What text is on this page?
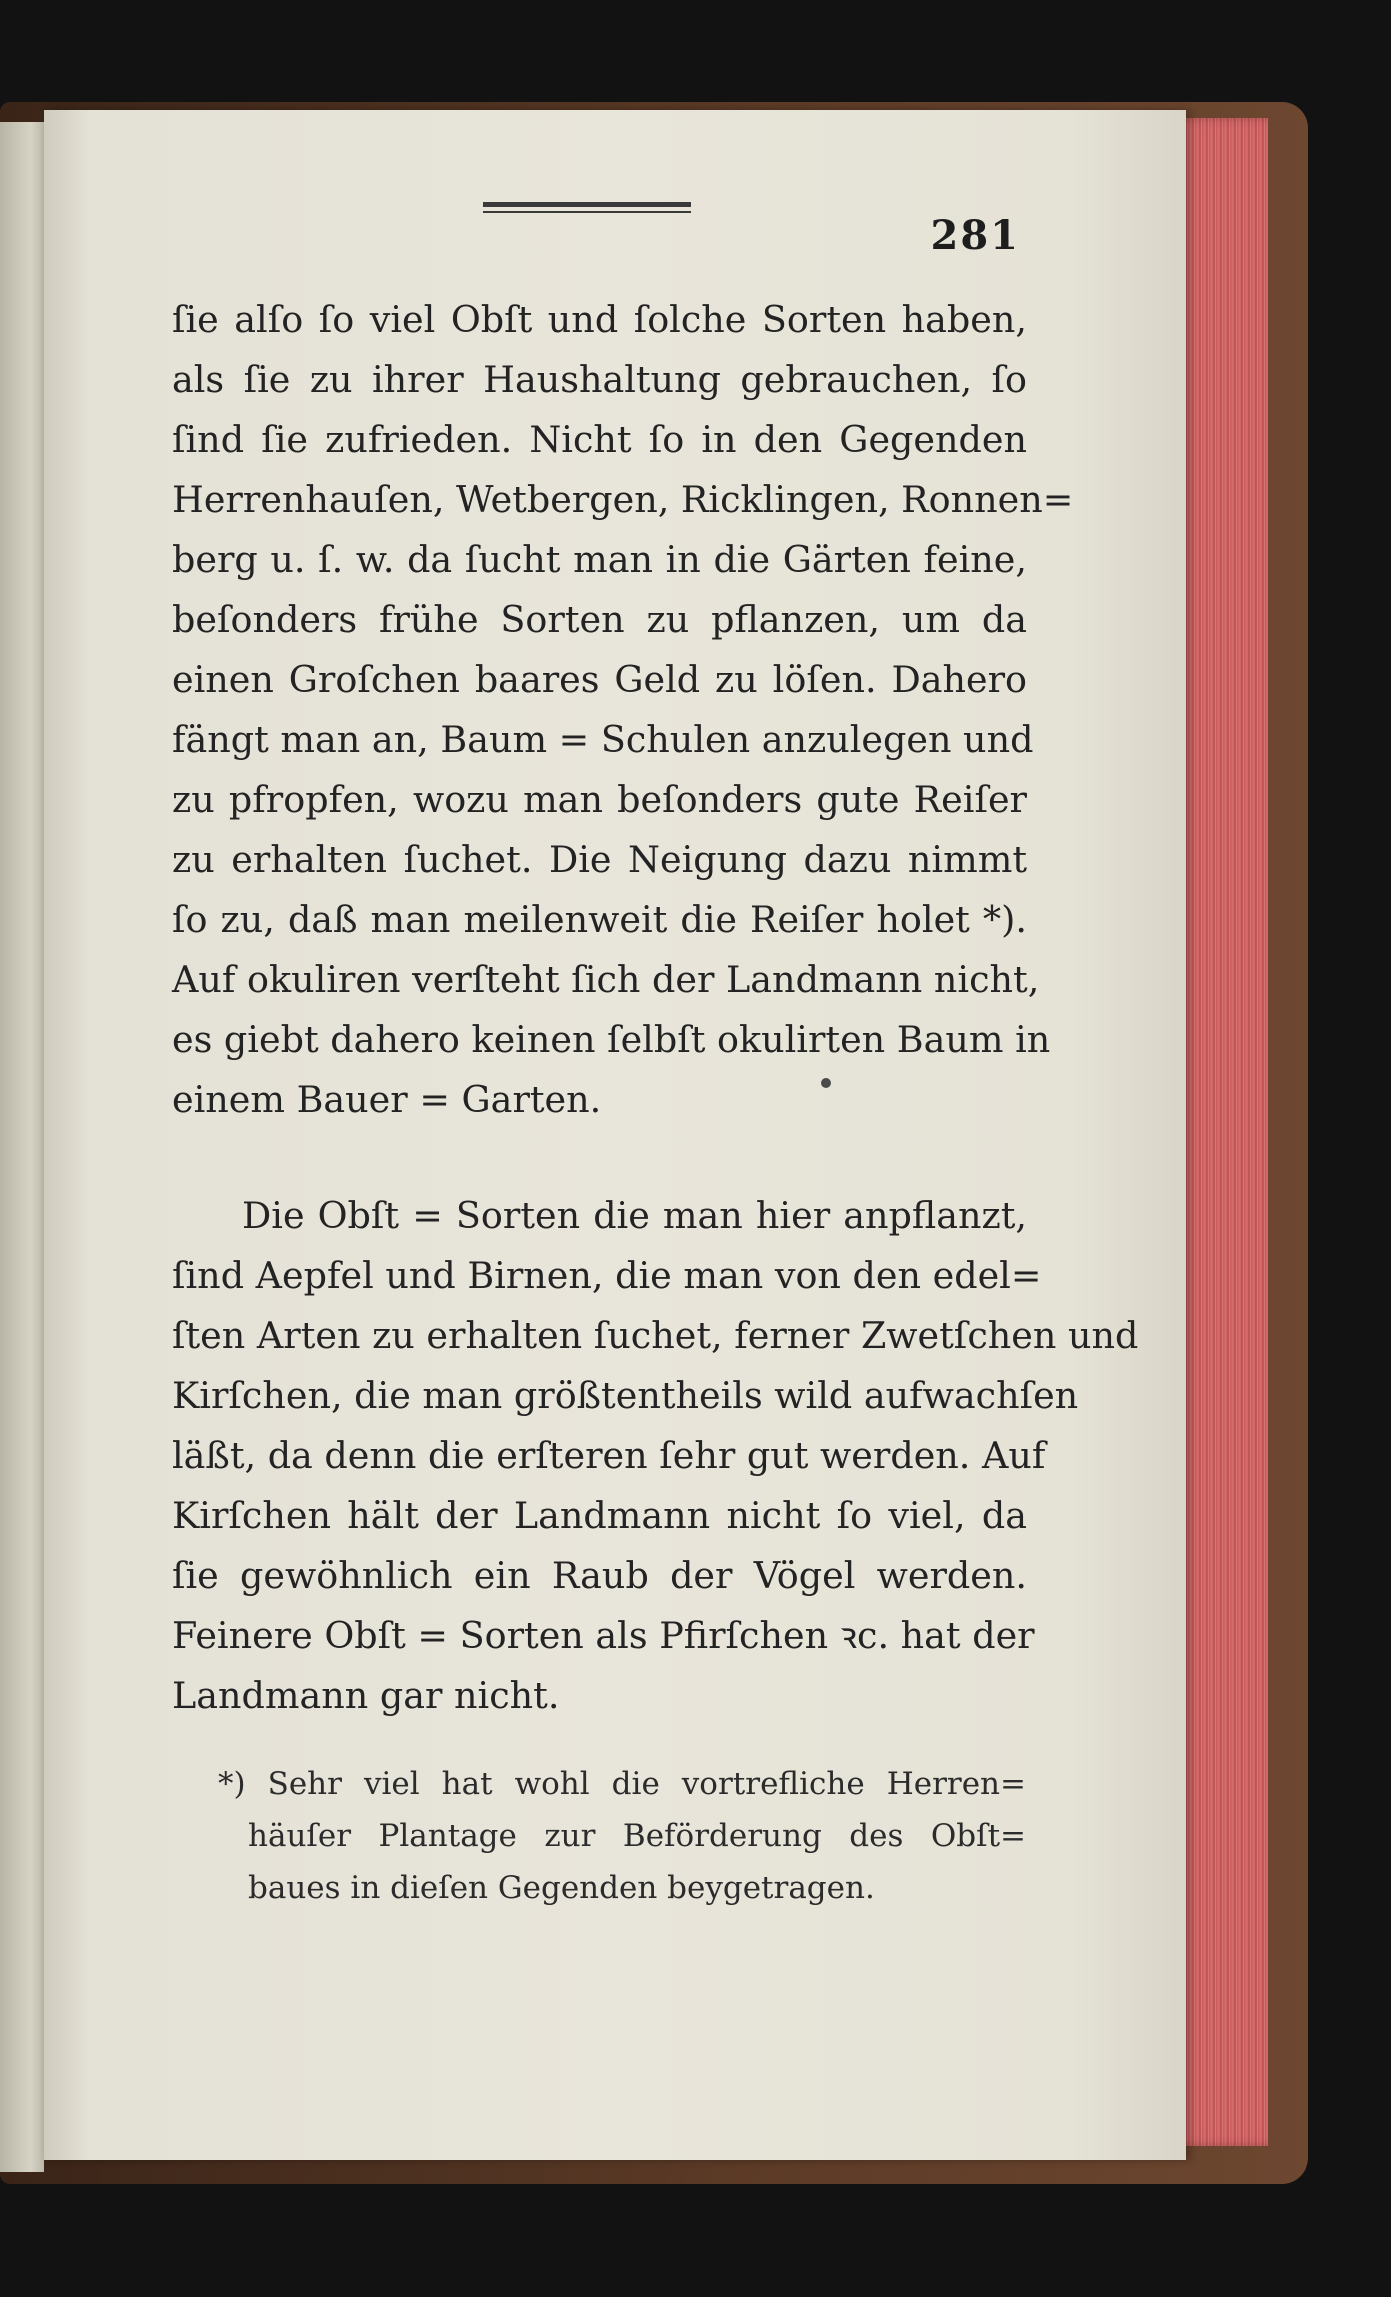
281
ſie alſo ſo viel Obſt und ſolche Sorten haben,
als ſie zu ihrer Haushaltung gebrauchen, ſo
ſind ſie zufrieden. Nicht ſo in den Gegenden
Herrenhauſen, Wetbergen, Ricklingen, Ronnen=
berg u. ſ. w. da ſucht man in die Gärten feine,
beſonders frühe Sorten zu pflanzen, um da
einen Groſchen baares Geld zu löſen. Dahero
fängt man an, Baum = Schulen anzulegen und
zu pfropfen, wozu man beſonders gute Reiſer
zu erhalten ſuchet. Die Neigung dazu nimmt
ſo zu, daß man meilenweit die Reiſer holet *).
Auf okuliren verſteht ſich der Landmann nicht,
es giebt dahero keinen ſelbſt okulirten Baum in
einem Bauer = Garten.
Die Obſt = Sorten die man hier anpflanzt,
ſind Aepfel und Birnen, die man von den edel=
ſten Arten zu erhalten ſuchet, ferner Zwetſchen und
Kirſchen, die man größtentheils wild aufwachſen
läßt, da denn die erſteren ſehr gut werden. Auf
Kirſchen hält der Landmann nicht ſo viel, da
ſie gewöhnlich ein Raub der Vögel werden.
Feinere Obſt = Sorten als Pfirſchen ꝛc. hat der
Landmann gar nicht.
*) Sehr viel hat wohl die vortrefliche Herren=
häuſer Plantage zur Beförderung des Obſt=
baues in dieſen Gegenden beygetragen.
